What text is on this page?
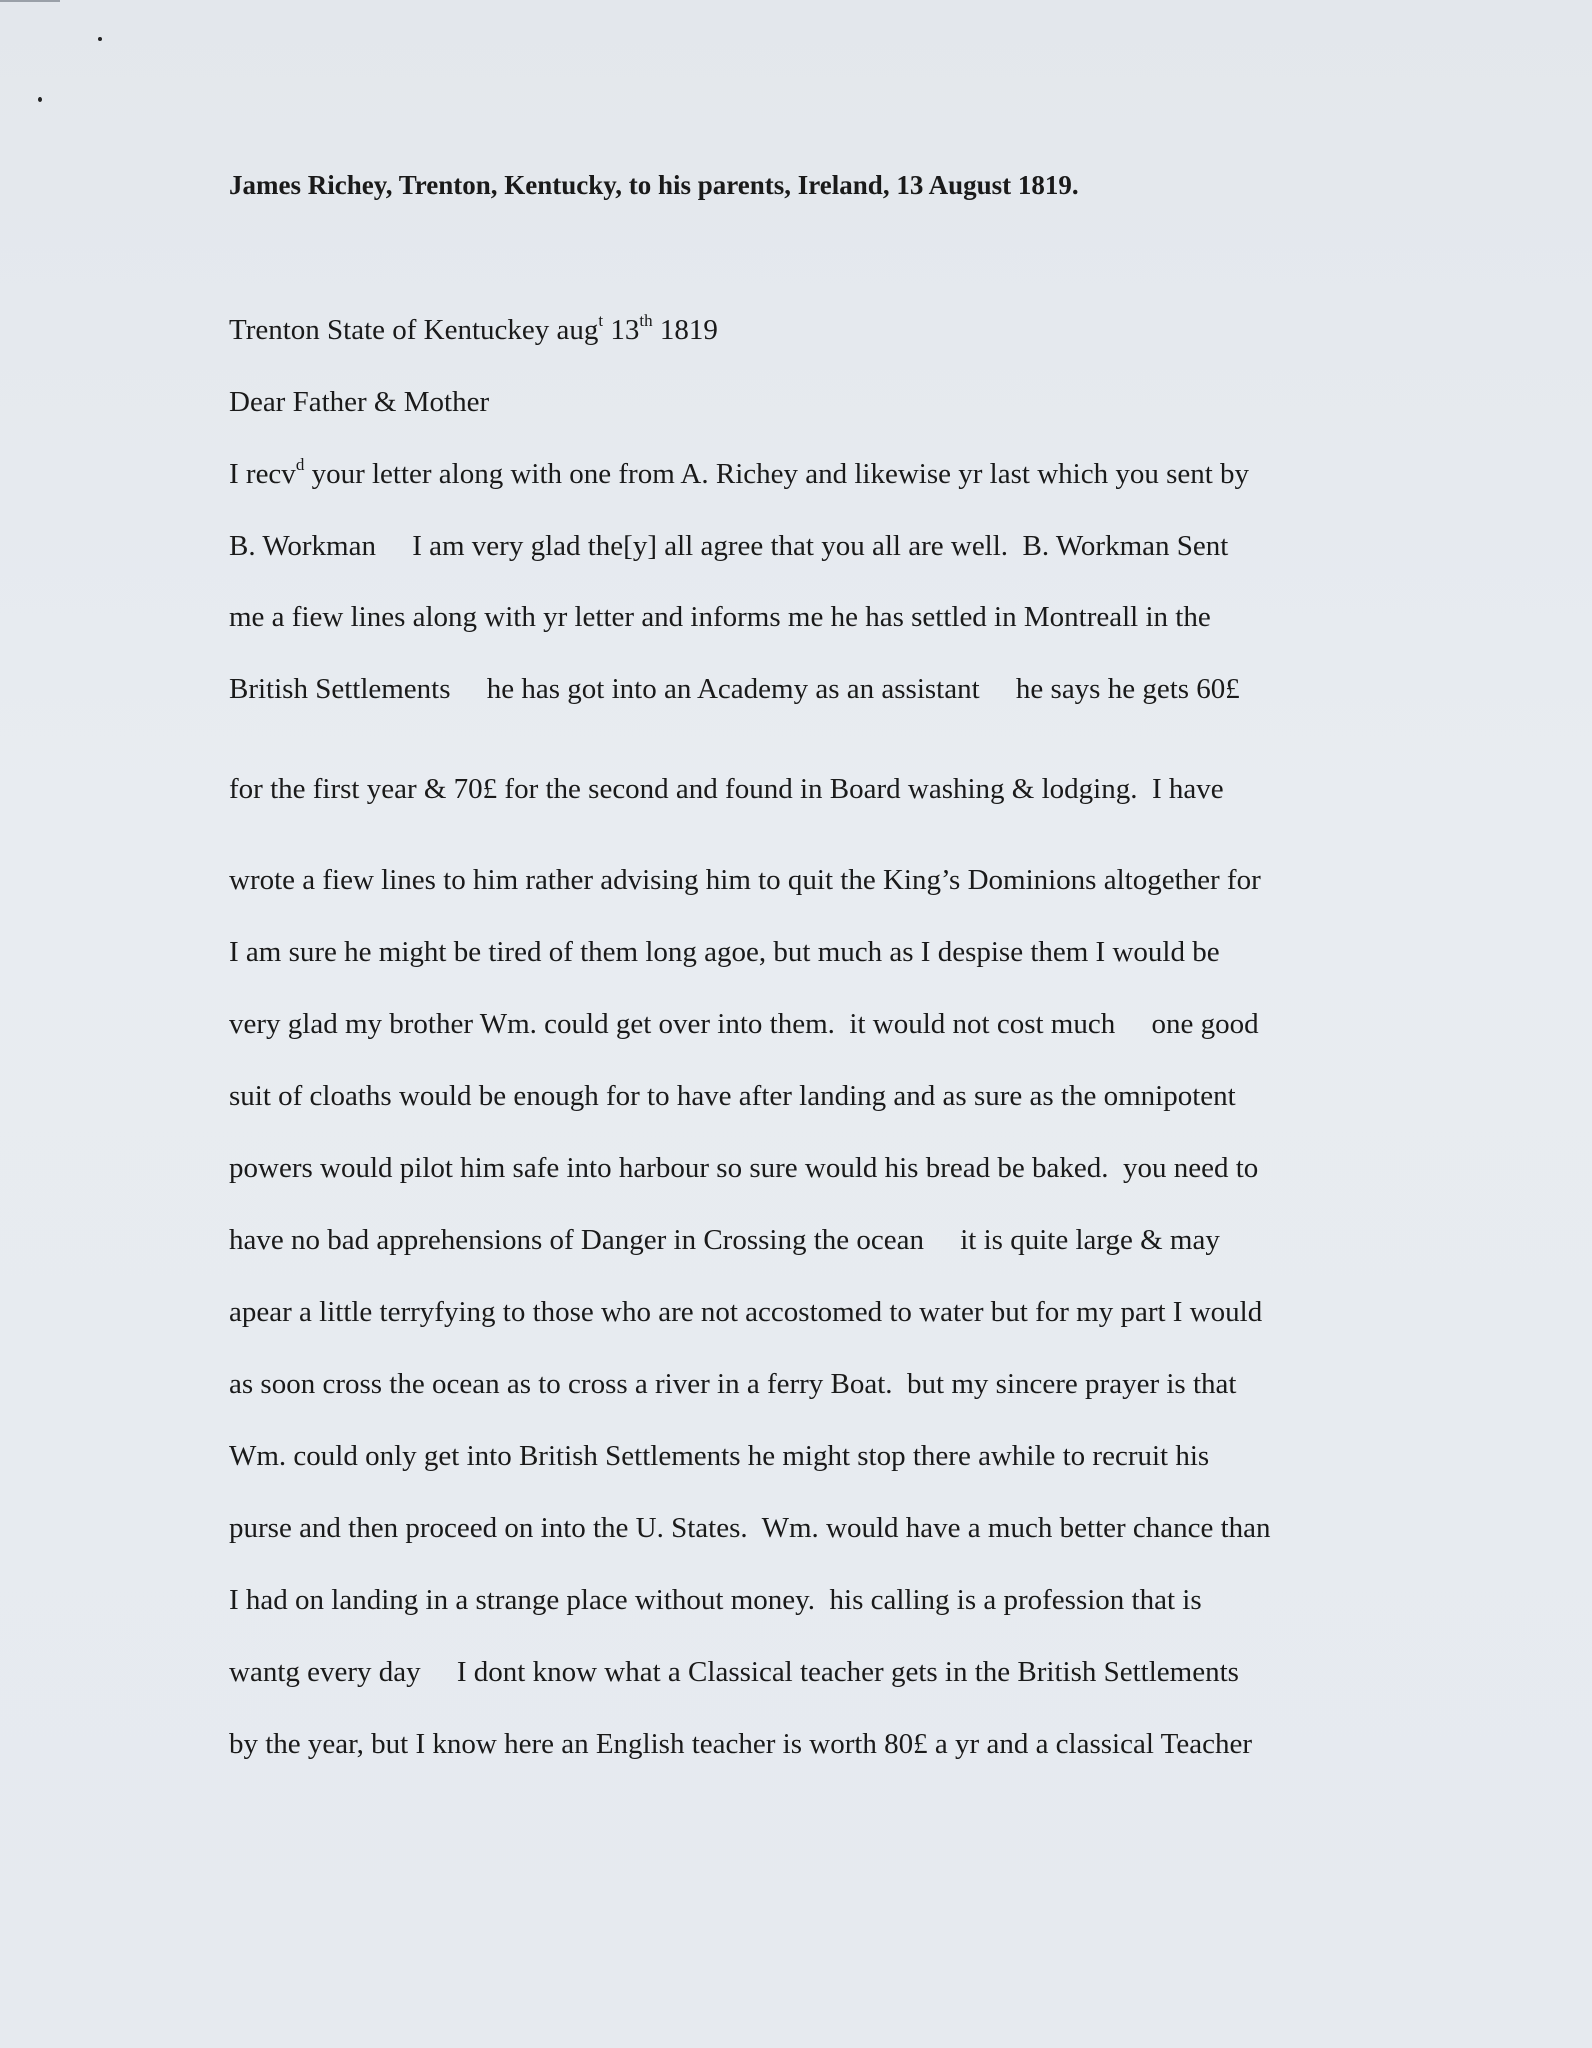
James Richey, Trenton, Kentucky, to his parents, Ireland, 13 August 1819.
Trenton State of Kentuckey aug$^t$ 13th 1819
Dear Father & Mother
I recv$^d$ your letter along with one from A. Richey and likewise yr last which you sent by
B. Workman     I am very glad the[y] all agree that you all are well.  B. Workman Sent
me a fiew lines along with yr letter and informs me he has settled in Montreall in the
British Settlements     he has got into an Academy as an assistant     he says he gets 60£
for the first year & 70£ for the second and found in Board washing & lodging.  I have
wrote a fiew lines to him rather advising him to quit the King’s Dominions altogether for
I am sure he might be tired of them long agoe, but much as I despise them I would be
very glad my brother Wm. could get over into them.  it would not cost much     one good
suit of cloaths would be enough for to have after landing and as sure as the omnipotent
powers would pilot him safe into harbour so sure would his bread be baked.  you need to
have no bad apprehensions of Danger in Crossing the ocean     it is quite large & may
apear a little terryfying to those who are not accostomed to water but for my part I would
as soon cross the ocean as to cross a river in a ferry Boat.  but my sincere prayer is that
Wm. could only get into British Settlements he might stop there awhile to recruit his
purse and then proceed on into the U. States.  Wm. would have a much better chance than
I had on landing in a strange place without money.  his calling is a profession that is
wantg every day     I dont know what a Classical teacher gets in the British Settlements
by the year, but I know here an English teacher is worth 80£ a yr and a classical Teacher
